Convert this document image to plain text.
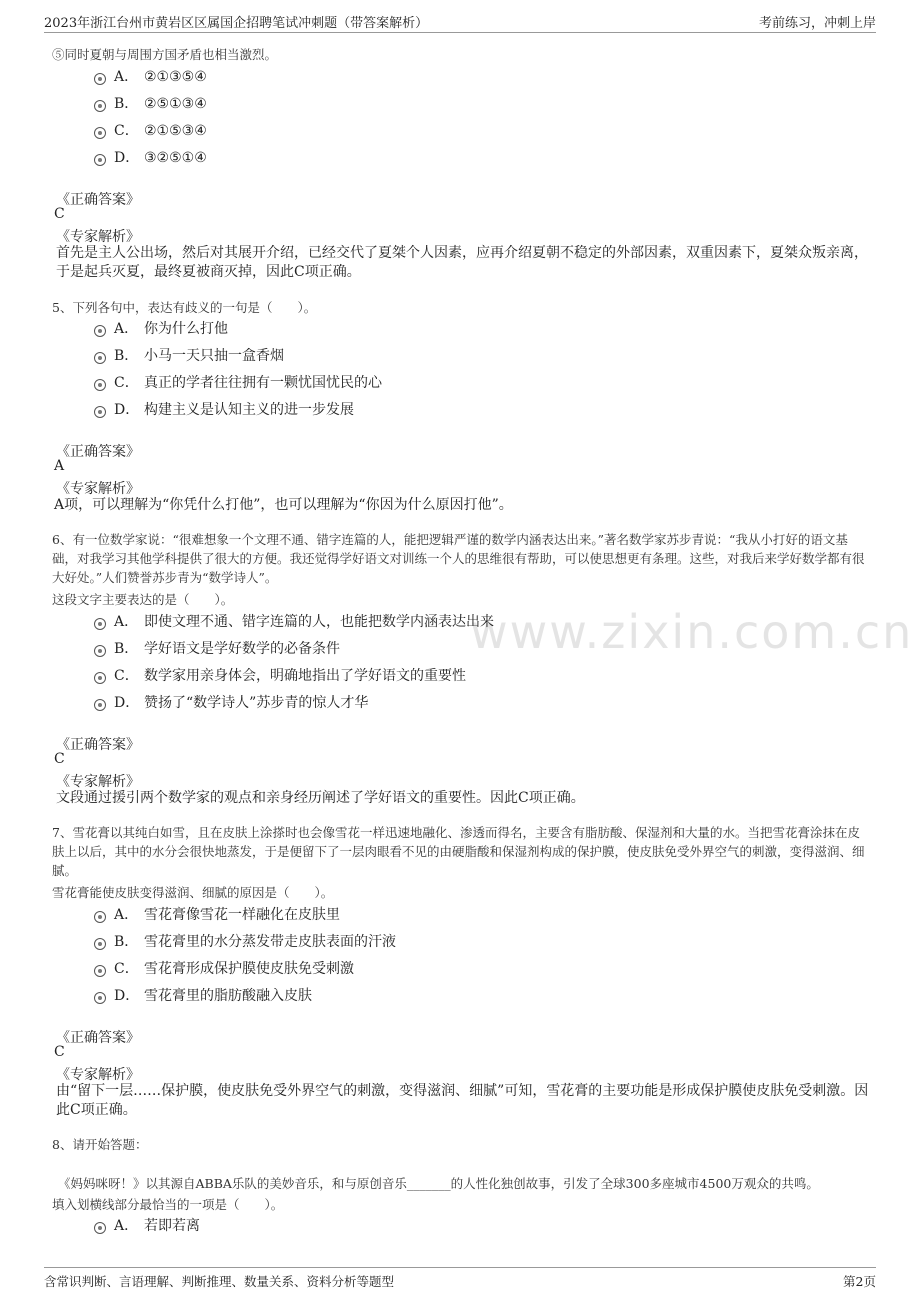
2023年浙江台州市黄岩区区属国企招聘笔试冲刺题（带答案解析）	考前练习，冲刺上岸
www.zixin.com.cn
⑤同时夏朝与周围方国矛盾也相当激烈。
A． ②①③⑤④
B． ②⑤①③④
C． ②①⑤③④
D． ③②⑤①④
《正确答案》
C
《专家解析》
首先是主人公出场，然后对其展开介绍，已经交代了夏桀个人因素，应再介绍夏朝不稳定的外部因素，双重因素下，夏桀众叛亲离，于是起兵灭夏，最终夏被商灭掉，因此C项正确。
5、下列各句中，表达有歧义的一句是（　　）。
A． 你为什么打他
B． 小马一天只抽一盒香烟
C． 真正的学者往往拥有一颗忧国忧民的心
D． 构建主义是认知主义的进一步发展
《正确答案》
A
《专家解析》
A项，可以理解为“你凭什么打他”，也可以理解为“你因为什么原因打他”。
6、有一位数学家说：“很难想象一个文理不通、错字连篇的人，能把逻辑严谨的数学内涵表达出来。”著名数学家苏步青说：“我从小打好的语文基础，对我学习其他学科提供了很大的方便。我还觉得学好语文对训练一个人的思维很有帮助，可以使思想更有条理。这些，对我后来学好数学都有很大好处。”人们赞誉苏步青为“数学诗人”。
这段文字主要表达的是（　　）。
A． 即使文理不通、错字连篇的人，也能把数学内涵表达出来
B． 学好语文是学好数学的必备条件
C． 数学家用亲身体会，明确地指出了学好语文的重要性
D． 赞扬了“数学诗人”苏步青的惊人才华
《正确答案》
C
《专家解析》
文段通过援引两个数学家的观点和亲身经历阐述了学好语文的重要性。因此C项正确。
7、雪花膏以其纯白如雪，且在皮肤上涂搽时也会像雪花一样迅速地融化、渗透而得名，主要含有脂肪酸、保湿剂和大量的水。当把雪花膏涂抹在皮肤上以后，其中的水分会很快地蒸发，于是便留下了一层肉眼看不见的由硬脂酸和保湿剂构成的保护膜，使皮肤免受外界空气的刺激，变得滋润、细腻。
雪花膏能使皮肤变得滋润、细腻的原因是（　　）。
A． 雪花膏像雪花一样融化在皮肤里
B． 雪花膏里的水分蒸发带走皮肤表面的汗液
C． 雪花膏形成保护膜使皮肤免受刺激
D． 雪花膏里的脂肪酸融入皮肤
《正确答案》
C
《专家解析》
由“留下一层……保护膜，使皮肤免受外界空气的刺激，变得滋润、细腻”可知，雪花膏的主要功能是形成保护膜使皮肤免受刺激。因此C项正确。
8、请开始答题：
《妈妈咪呀！》以其源自ABBA乐队的美妙音乐，和与原创音乐_______的人性化独创故事，引发了全球300多座城市4500万观众的共鸣。
填入划横线部分最恰当的一项是（　　）。
A． 若即若离
含常识判断、言语理解、判断推理、数量关系、资料分析等题型	第2页
